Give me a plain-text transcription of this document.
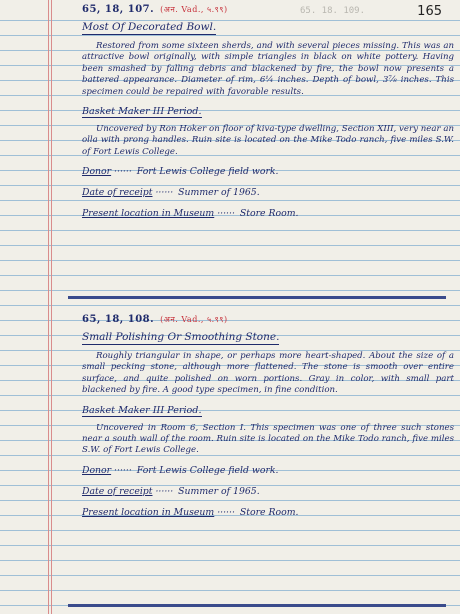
65. 18. 109.	165
65, 18, 107. (अन. Vad., ५.९९)
Most Of Decorated Bowl.

Restored from some sixteen sherds, and with several pieces missing. This was an attractive bowl originally, with simple triangles in black on white pottery. Having been smashed by falling debris and blackened by fire, the bowl now presents a battered appearance. Diameter of rim, 6¼ inches. Depth of bowl, 3⅞ inches. This specimen could be repaired with favorable results.

Basket Maker III Period.

Uncovered by Ron Hoker on floor of kiva-type dwelling, Section XIII, very near an olla with prong handles. Ruin site is located on the Mike Todo ranch, five miles S.W. of Fort Lewis College.

Donor ······ Fort Lewis College field work.
Date of receipt ······ Summer of 1965.
Present location in Museum ······ Store Room.
65, 18, 108. (अन. Vad., ५.९९)
Small Polishing Or Smoothing Stone.

Roughly triangular in shape, or perhaps more heart-shaped. About the size of a small pecking stone, although more flattened. The stone is smooth over entire surface, and quite polished on worn portions. Gray in color, with small part blackened by fire. A good type specimen, in fine condition.

Basket Maker III Period.

Uncovered in Room 6, Section I. This specimen was one of three such stones near a south wall of the room. Ruin site is located on the Mike Todo ranch, five miles S.W. of Fort Lewis College.

Donor ······ Fort Lewis College field work.
Date of receipt ······ Summer of 1965.
Present location in Museum ······ Store Room.
